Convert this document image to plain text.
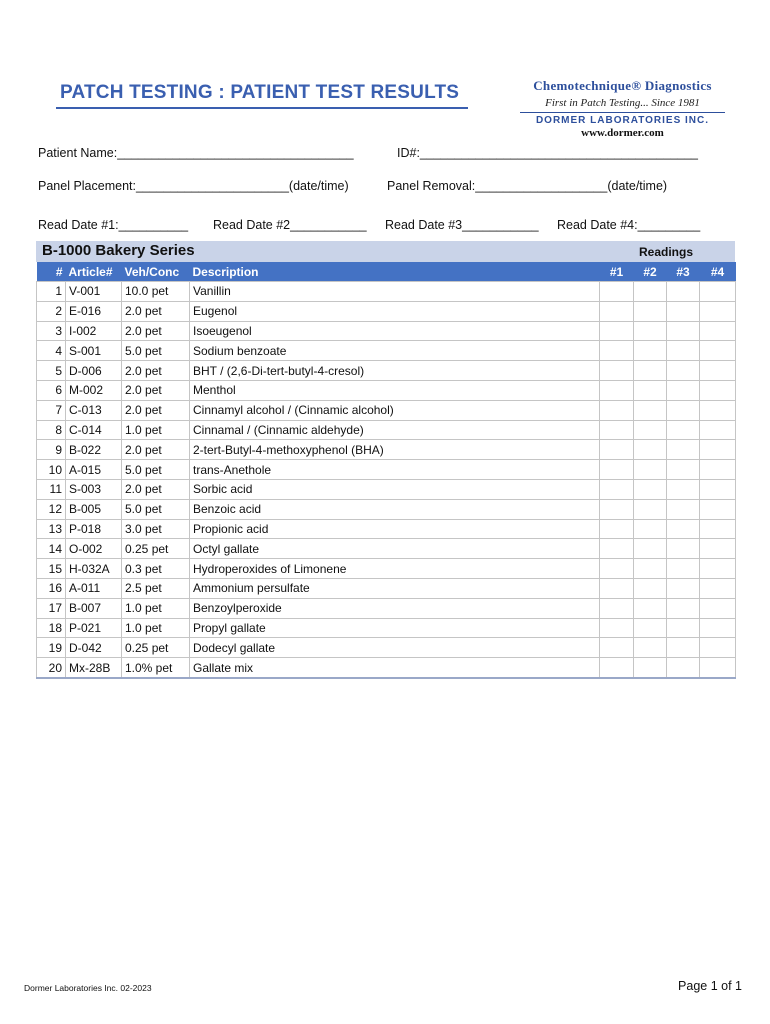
PATCH TESTING : PATIENT TEST RESULTS	Chemotechnique® Diagnostics
First in Patch Testing... Since 1981
DORMER LABORATORIES INC.
www.dormer.com
Patient Name:__________________________________	ID#:________________________________________
Panel Placement:______________________(date/time)	Panel Removal:___________________(date/time)
Read Date #1:__________ Read Date #2___________ Read Date #3___________ Read Date #4:_________
B-1000 Bakery Series	Readings
#	Article#	Veh/Conc	Description	#1	#2	#3	#4
1	V-001	10.0 pet	Vanillin				
2	E-016	2.0 pet	Eugenol				
3	I-002	2.0 pet	Isoeugenol				
4	S-001	5.0 pet	Sodium benzoate				
5	D-006	2.0 pet	BHT / (2,6-Di-tert-butyl-4-cresol)				
6	M-002	2.0 pet	Menthol				
7	C-013	2.0 pet	Cinnamyl alcohol / (Cinnamic alcohol)				
8	C-014	1.0 pet	Cinnamal / (Cinnamic aldehyde)				
9	B-022	2.0 pet	2-tert-Butyl-4-methoxyphenol (BHA)				
10	A-015	5.0 pet	trans-Anethole				
11	S-003	2.0 pet	Sorbic acid				
12	B-005	5.0 pet	Benzoic acid				
13	P-018	3.0 pet	Propionic acid				
14	O-002	0.25 pet	Octyl gallate				
15	H-032A	0.3 pet	Hydroperoxides of Limonene				
16	A-011	2.5 pet	Ammonium persulfate				
17	B-007	1.0 pet	Benzoylperoxide				
18	P-021	1.0 pet	Propyl gallate				
19	D-042	0.25 pet	Dodecyl gallate				
20	Mx-28B	1.0% pet	Gallate mix				
Dormer Laboratories Inc. 02-2023	Page 1 of 1
